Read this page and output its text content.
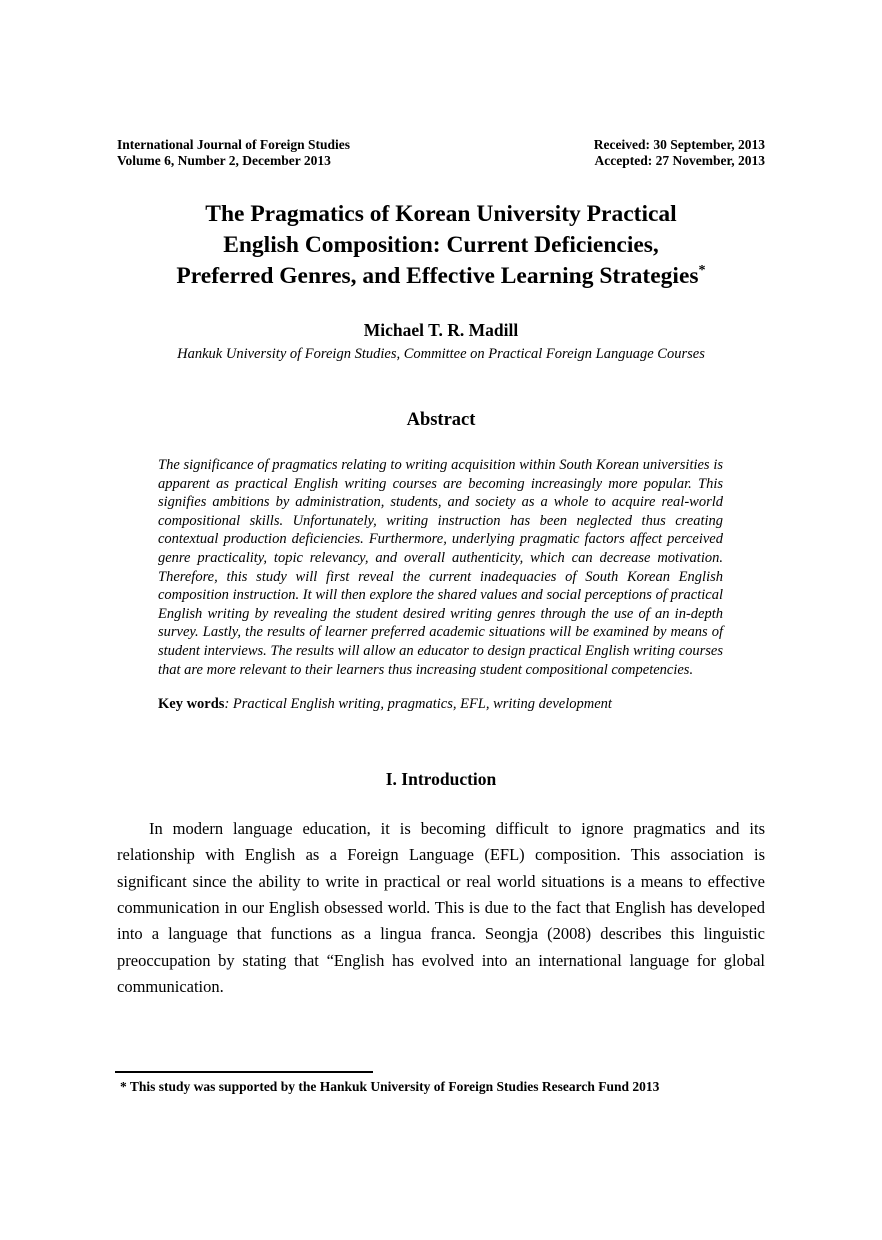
International Journal of Foreign Studies
Volume 6, Number 2, December 2013
Received: 30 September, 2013
Accepted: 27 November, 2013
The Pragmatics of Korean University Practical
English Composition: Current Deficiencies,
Preferred Genres, and Effective Learning Strategies*

Michael T. R. Madill

Hankuk University of Foreign Studies, Committee on Practical Foreign Language Courses

Abstract

The significance of pragmatics relating to writing acquisition within South Korean universities is apparent as practical English writing courses are becoming increasingly more popular. This signifies ambitions by administration, students, and society as a whole to acquire real-world compositional skills. Unfortunately, writing instruction has been neglected thus creating contextual production deficiencies. Furthermore, underlying pragmatic factors affect perceived genre practicality, topic relevancy, and overall authenticity, which can decrease motivation. Therefore, this study will first reveal the current inadequacies of South Korean English composition instruction. It will then explore the shared values and social perceptions of practical English writing by revealing the student desired writing genres through the use of an in-depth survey. Lastly, the results of learner preferred academic situations will be examined by means of student interviews. The results will allow an educator to design practical English writing courses that are more relevant to their learners thus increasing student compositional competencies.

Key words: Practical English writing, pragmatics, EFL, writing development

I. Introduction

In modern language education, it is becoming difficult to ignore pragmatics and its relationship with English as a Foreign Language (EFL) composition. This association is significant since the ability to write in practical or real world situations is a means to effective communication in our English obsessed world. This is due to the fact that English has developed into a language that functions as a lingua franca. Seongja (2008) describes this linguistic preoccupation by stating that “English has evolved into an international language for global communication.

* This study was supported by the Hankuk University of Foreign Studies Research Fund 2013
